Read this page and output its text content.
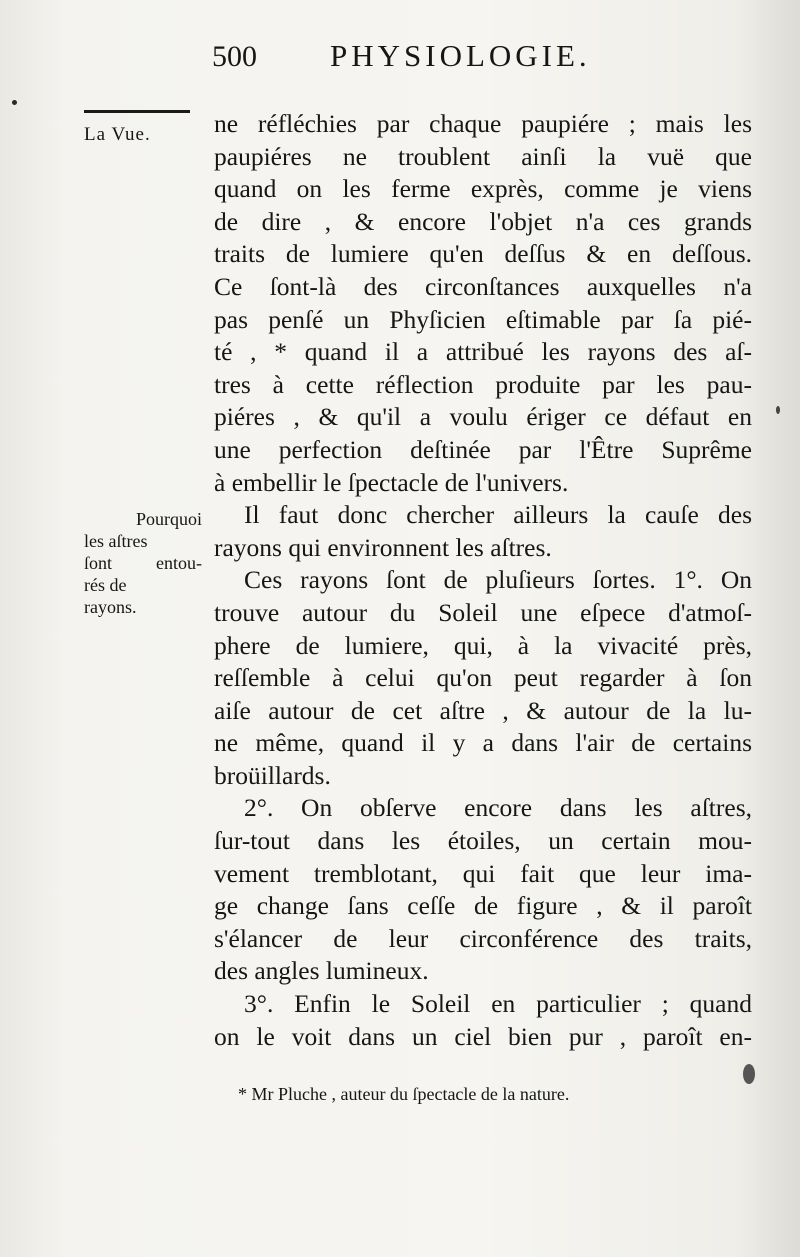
500 PHYSIOLOGIE.
La Vue.
Pourquoi
les aſtres
ſont entou-
rés de
rayons.
ne réfléchies par chaque paupiére ; mais les
paupiéres ne troublent ainſi la vuë que
quand on les ferme exprès, comme je viens
de dire , & encore l'objet n'a ces grands
traits de lumiere qu'en deſſus & en deſſous.
Ce ſont-là des circonſtances auxquelles n'a
pas penſé un Phyſicien eſtimable par ſa pié-
té , * quand il a attribué les rayons des aſ-
tres à cette réflection produite par les pau-
piéres , & qu'il a voulu ériger ce défaut en
une perfection deſtinée par l'Être Suprême
à embellir le ſpectacle de l'univers.
Il faut donc chercher ailleurs la cauſe des
rayons qui environnent les aſtres.
Ces rayons ſont de pluſieurs ſortes. 1°. On
trouve autour du Soleil une eſpece d'atmoſ-
phere de lumiere, qui, à la vivacité près,
reſſemble à celui qu'on peut regarder à ſon
aiſe autour de cet aſtre , & autour de la lu-
ne même, quand il y a dans l'air de certains
broüillards.
2°. On obſerve encore dans les aſtres,
ſur-tout dans les étoiles, un certain mou-
vement tremblotant, qui fait que leur ima-
ge change ſans ceſſe de figure , & il paroît
s'élancer de leur circonférence des traits,
des angles lumineux.
3°. Enfin le Soleil en particulier ; quand
on le voit dans un ciel bien pur , paroît en-
* Mr Pluche , auteur du ſpectacle de la nature.
